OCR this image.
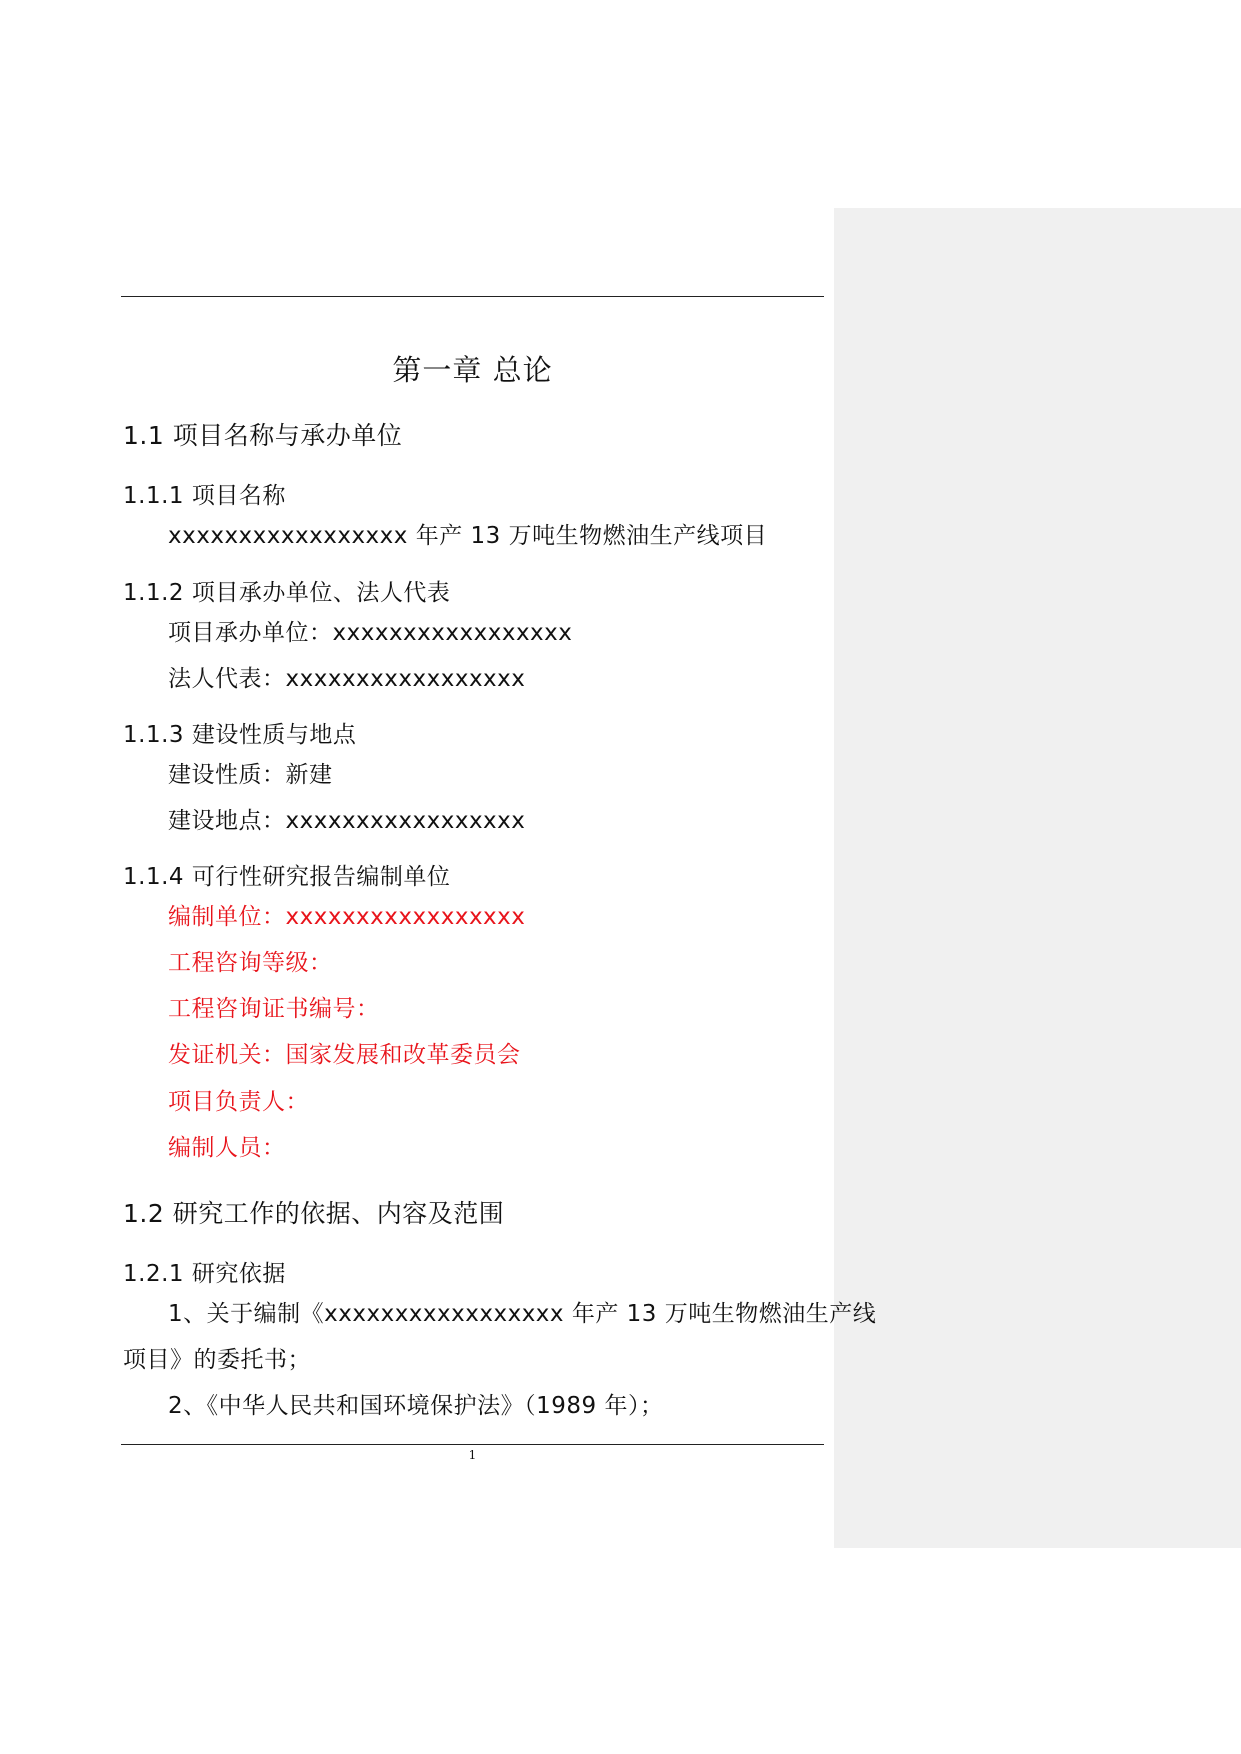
第一章 总论
1.1 项目名称与承办单位
1.1.1 项目名称
xxxxxxxxxxxxxxxxx 年产 13 万吨生物燃油生产线项目
1.1.2 项目承办单位、法人代表
项目承办单位：xxxxxxxxxxxxxxxxx
法人代表：xxxxxxxxxxxxxxxxx
1.1.3 建设性质与地点
建设性质：新建
建设地点：xxxxxxxxxxxxxxxxx
1.1.4 可行性研究报告编制单位
编制单位：xxxxxxxxxxxxxxxxx
工程咨询等级：
工程咨询证书编号：
发证机关：国家发展和改革委员会
项目负责人：
编制人员：
1.2 研究工作的依据、内容及范围
1.2.1 研究依据
1、关于编制《xxxxxxxxxxxxxxxxx 年产 13 万吨生物燃油生产线
项目》的委托书；
2、《中华人民共和国环境保护法》（1989 年）；
1
